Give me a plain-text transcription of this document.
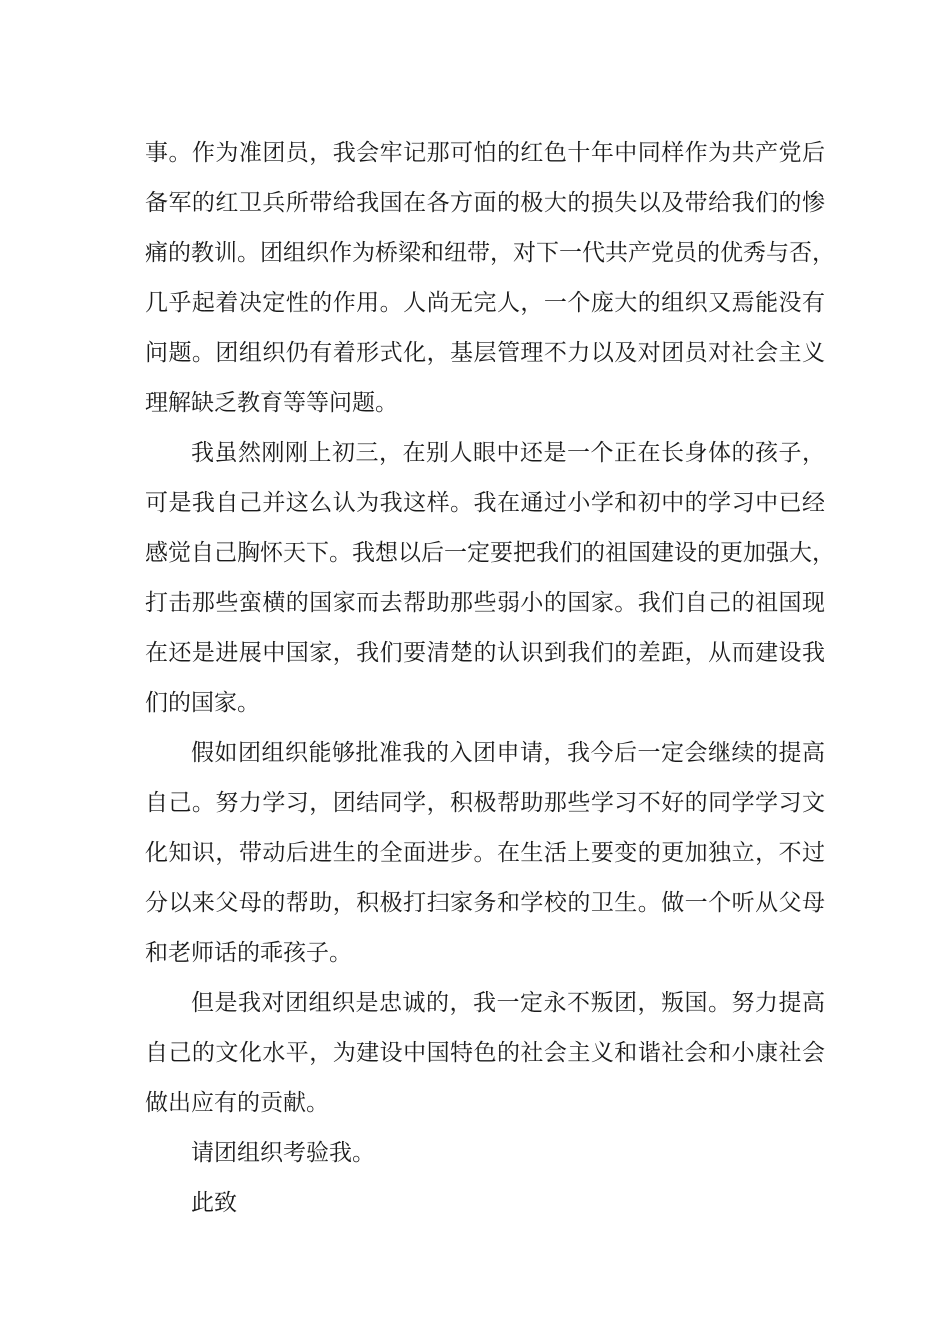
事。作为准团员，我会牢记那可怕的红色十年中同样作为共产党后
备军的红卫兵所带给我国在各方面的极大的损失以及带给我们的惨
痛的教训。团组织作为桥梁和纽带，对下一代共产党员的优秀与否，
几乎起着决定性的作用。人尚无完人，一个庞大的组织又焉能没有
问题。团组织仍有着形式化，基层管理不力以及对团员对社会主义
理解缺乏教育等等问题。
我虽然刚刚上初三，在别人眼中还是一个正在长身体的孩子，
可是我自己并这么认为我这样。我在通过小学和初中的学习中已经
感觉自己胸怀天下。我想以后一定要把我们的祖国建设的更加强大，
打击那些蛮横的国家而去帮助那些弱小的国家。我们自己的祖国现
在还是进展中国家，我们要清楚的认识到我们的差距，从而建设我
们的国家。
假如团组织能够批准我的入团申请，我今后一定会继续的提高
自己。努力学习，团结同学，积极帮助那些学习不好的同学学习文
化知识，带动后进生的全面进步。在生活上要变的更加独立，不过
分以来父母的帮助，积极打扫家务和学校的卫生。做一个听从父母
和老师话的乖孩子。
但是我对团组织是忠诚的，我一定永不叛团，叛国。努力提高
自己的文化水平，为建设中国特色的社会主义和谐社会和小康社会
做出应有的贡献。
请团组织考验我。
此致
